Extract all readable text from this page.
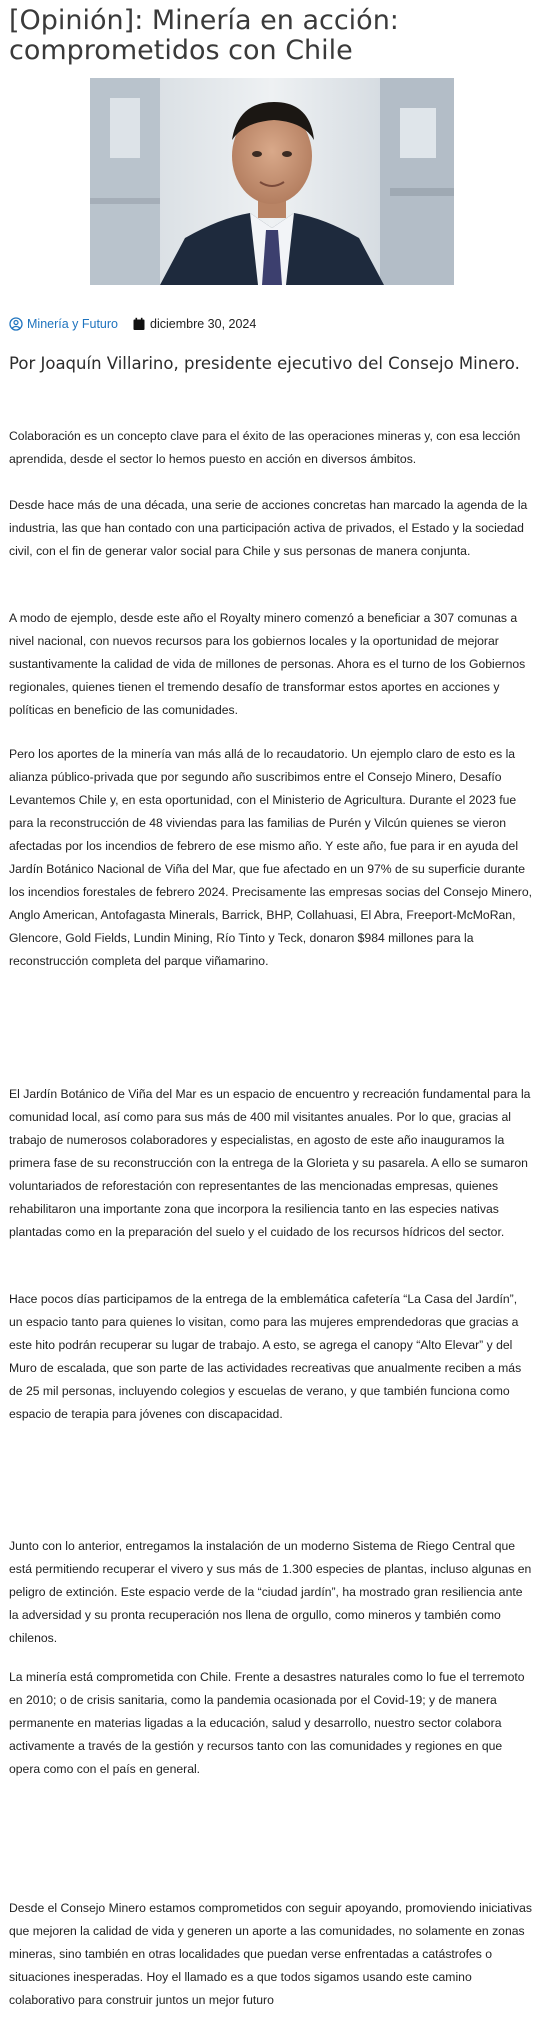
[Opinión]: Minería en acción: comprometidos con Chile
Minería y Futuro	diciembre 30, 2024
Por Joaquín Villarino, presidente ejecutivo del Consejo Minero.

Colaboración es un concepto clave para el éxito de las operaciones mineras y, con esa lección aprendida, desde el sector lo hemos puesto en acción en diversos ámbitos.

Desde hace más de una década, una serie de acciones concretas han marcado la agenda de la industria, las que han contado con una participación activa de privados, el Estado y la sociedad civil, con el fin de generar valor social para Chile y sus personas de manera conjunta.

A modo de ejemplo, desde este año el Royalty minero comenzó a beneficiar a 307 comunas a nivel nacional, con nuevos recursos para los gobiernos locales y la oportunidad de mejorar sustantivamente la calidad de vida de millones de personas. Ahora es el turno de los Gobiernos regionales, quienes tienen el tremendo desafío de transformar estos aportes en acciones y políticas en beneficio de las comunidades.

Pero los aportes de la minería van más allá de lo recaudatorio. Un ejemplo claro de esto es la alianza público-privada que por segundo año suscribimos entre el Consejo Minero, Desafío Levantemos Chile y, en esta oportunidad, con el Ministerio de Agricultura. Durante el 2023 fue para la reconstrucción de 48 viviendas para las familias de Purén y Vilcún quienes se vieron afectadas por los incendios de febrero de ese mismo año. Y este año, fue para ir en ayuda del Jardín Botánico Nacional de Viña del Mar, que fue afectado en un 97% de su superficie durante los incendios forestales de febrero 2024. Precisamente las empresas socias del Consejo Minero, Anglo American, Antofagasta Minerals, Barrick, BHP, Collahuasi, El Abra, Freeport-McMoRan, Glencore, Gold Fields, Lundin Mining, Río Tinto y Teck, donaron $984 millones para la reconstrucción completa del parque viñamarino.

El Jardín Botánico de Viña del Mar es un espacio de encuentro y recreación fundamental para la comunidad local, así como para sus más de 400 mil visitantes anuales. Por lo que, gracias al trabajo de numerosos colaboradores y especialistas, en agosto de este año inauguramos la primera fase de su reconstrucción con la entrega de la Glorieta y su pasarela. A ello se sumaron voluntariados de reforestación con representantes de las mencionadas empresas, quienes rehabilitaron una importante zona que incorpora la resiliencia tanto en las especies nativas plantadas como en la preparación del suelo y el cuidado de los recursos hídricos del sector.

Hace pocos días participamos de la entrega de la emblemática cafetería “La Casa del Jardín”, un espacio tanto para quienes lo visitan, como para las mujeres emprendedoras que gracias a este hito podrán recuperar su lugar de trabajo. A esto, se agrega el canopy “Alto Elevar” y del Muro de escalada, que son parte de las actividades recreativas que anualmente reciben a más de 25 mil personas, incluyendo colegios y escuelas de verano, y que también funciona como espacio de terapia para jóvenes con discapacidad.

Junto con lo anterior, entregamos la instalación de un moderno Sistema de Riego Central que está permitiendo recuperar el vivero y sus más de 1.300 especies de plantas, incluso algunas en peligro de extinción. Este espacio verde de la “ciudad jardín”, ha mostrado gran resiliencia ante la adversidad y su pronta recuperación nos llena de orgullo, como mineros y también como chilenos.

La minería está comprometida con Chile. Frente a desastres naturales como lo fue el terremoto en 2010; o de crisis sanitaria, como la pandemia ocasionada por el Covid-19; y de manera permanente en materias ligadas a la educación, salud y desarrollo, nuestro sector colabora activamente a través de la gestión y recursos tanto con las comunidades y regiones en que opera como con el país en general.

Desde el Consejo Minero estamos comprometidos con seguir apoyando, promoviendo iniciativas que mejoren la calidad de vida y generen un aporte a las comunidades, no solamente en zonas mineras, sino también en otras localidades que puedan verse enfrentadas a catástrofes o situaciones inesperadas. Hoy el llamado es a que todos sigamos usando este camino colaborativo para construir juntos un mejor futuro
